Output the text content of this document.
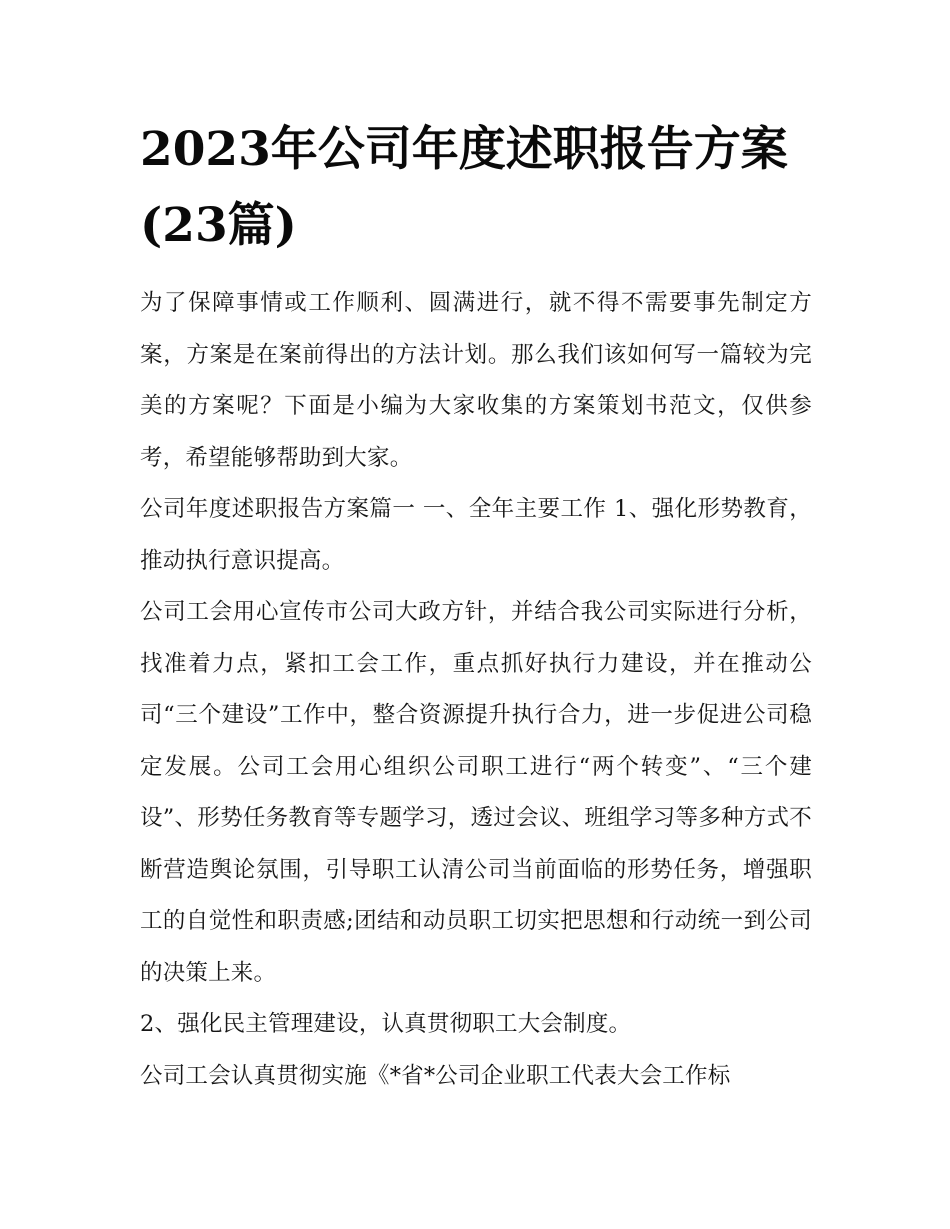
2023年公司年度述职报告方案(23篇)

为了保障事情或工作顺利、圆满进行，就不得不需要事先制定方案，方案是在案前得出的方法计划。那么我们该如何写一篇较为完美的方案呢？下面是小编为大家收集的方案策划书范文，仅供参考，希望能够帮助到大家。

公司年度述职报告方案篇一 一、全年主要工作 1、强化形势教育，推动执行意识提高。

公司工会用心宣传市公司大政方针，并结合我公司实际进行分析，找准着力点，紧扣工会工作，重点抓好执行力建设，并在推动公司“三个建设”工作中，整合资源提升执行合力，进一步促进公司稳定发展。公司工会用心组织公司职工进行“两个转变”、“三个建设”、形势任务教育等专题学习，透过会议、班组学习等多种方式不断营造舆论氛围，引导职工认清公司当前面临的形势任务，增强职工的自觉性和职责感;团结和动员职工切实把思想和行动统一到公司的决策上来。

2、强化民主管理建设，认真贯彻职工大会制度。

公司工会认真贯彻实施《*省*公司企业职工代表大会工作标
